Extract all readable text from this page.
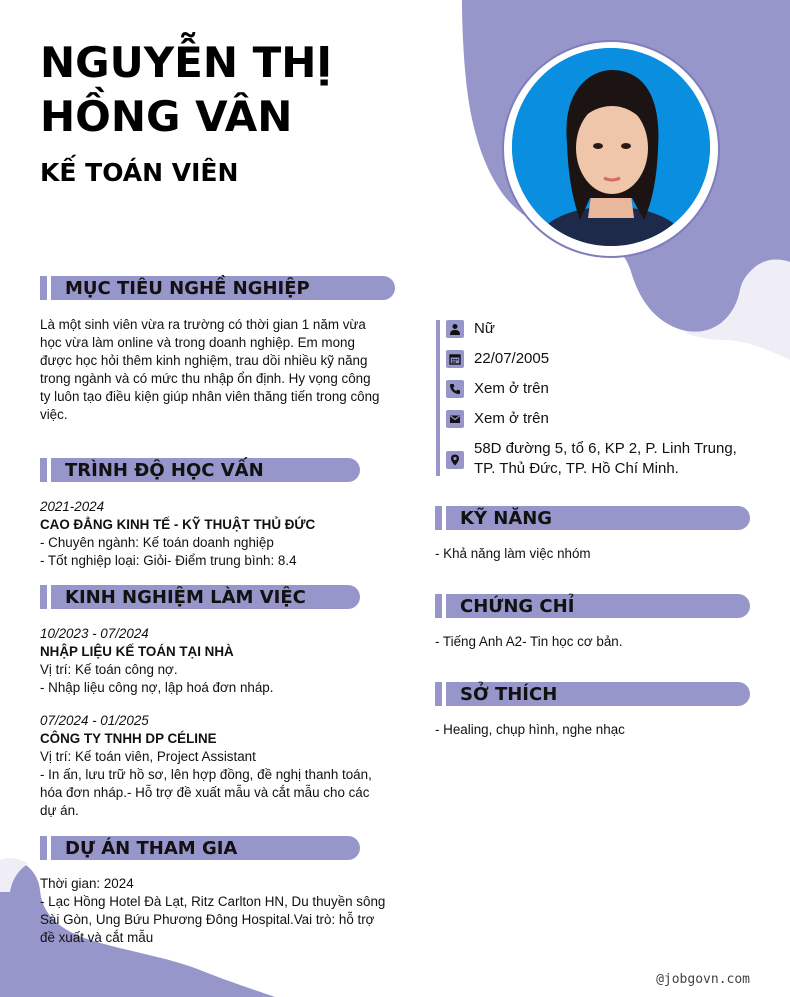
NGUYỄN THỊ
HỒNG VÂN
KẾ TOÁN VIÊN
MỤC TIÊU NGHỀ NGHIỆP
Là một sinh viên vừa ra trường có thời gian 1 năm vừa
học vừa làm online và trong doanh nghiệp. Em mong
được học hỏi thêm kinh nghiệm, trau dồi nhiều kỹ năng
trong ngành và có mức thu nhập ổn định. Hy vọng công
ty luôn tạo điều kiện giúp nhân viên thăng tiến trong công
việc.
TRÌNH ĐỘ HỌC VẤN
2021-2024
CAO ĐẲNG KINH TẾ - KỸ THUẬT THỦ ĐỨC
- Chuyên ngành: Kế toán doanh nghiệp
- Tốt nghiệp loại: Giỏi- Điểm trung bình: 8.4
KINH NGHIỆM LÀM VIỆC
10/2023 - 07/2024
NHẬP LIỆU KẾ TOÁN TẠI NHÀ
Vị trí: Kế toán công nợ.
- Nhập liệu công nợ, lập hoá đơn nháp.
07/2024 - 01/2025
CÔNG TY TNHH DP CÉLINE
Vị trí: Kế toán viên, Project Assistant
- In ấn, lưu trữ hồ sơ, lên hợp đồng, đề nghị thanh toán,
hóa đơn nháp.- Hỗ trợ đề xuất mẫu và cắt mẫu cho các
dự án.
DỰ ÁN THAM GIA
Thời gian: 2024
- Lạc Hồng Hotel Đà Lạt, Ritz Carlton HN, Du thuyền sông
Sài Gòn, Ung Bứu Phương Đông Hospital.Vai trò: hỗ trợ
đề xuất và cắt mẫu
Nữ
22/07/2005
Xem ở trên
Xem ở trên
58D đường 5, tổ 6, KP 2, P. Linh Trung,
TP. Thủ Đức, TP. Hồ Chí Minh.
KỸ NĂNG
- Khả năng làm việc nhóm
CHỨNG CHỈ
- Tiếng Anh A2- Tin học cơ bản.
SỞ THÍCH
- Healing, chụp hình, nghe nhạc
@jobgovn.com
